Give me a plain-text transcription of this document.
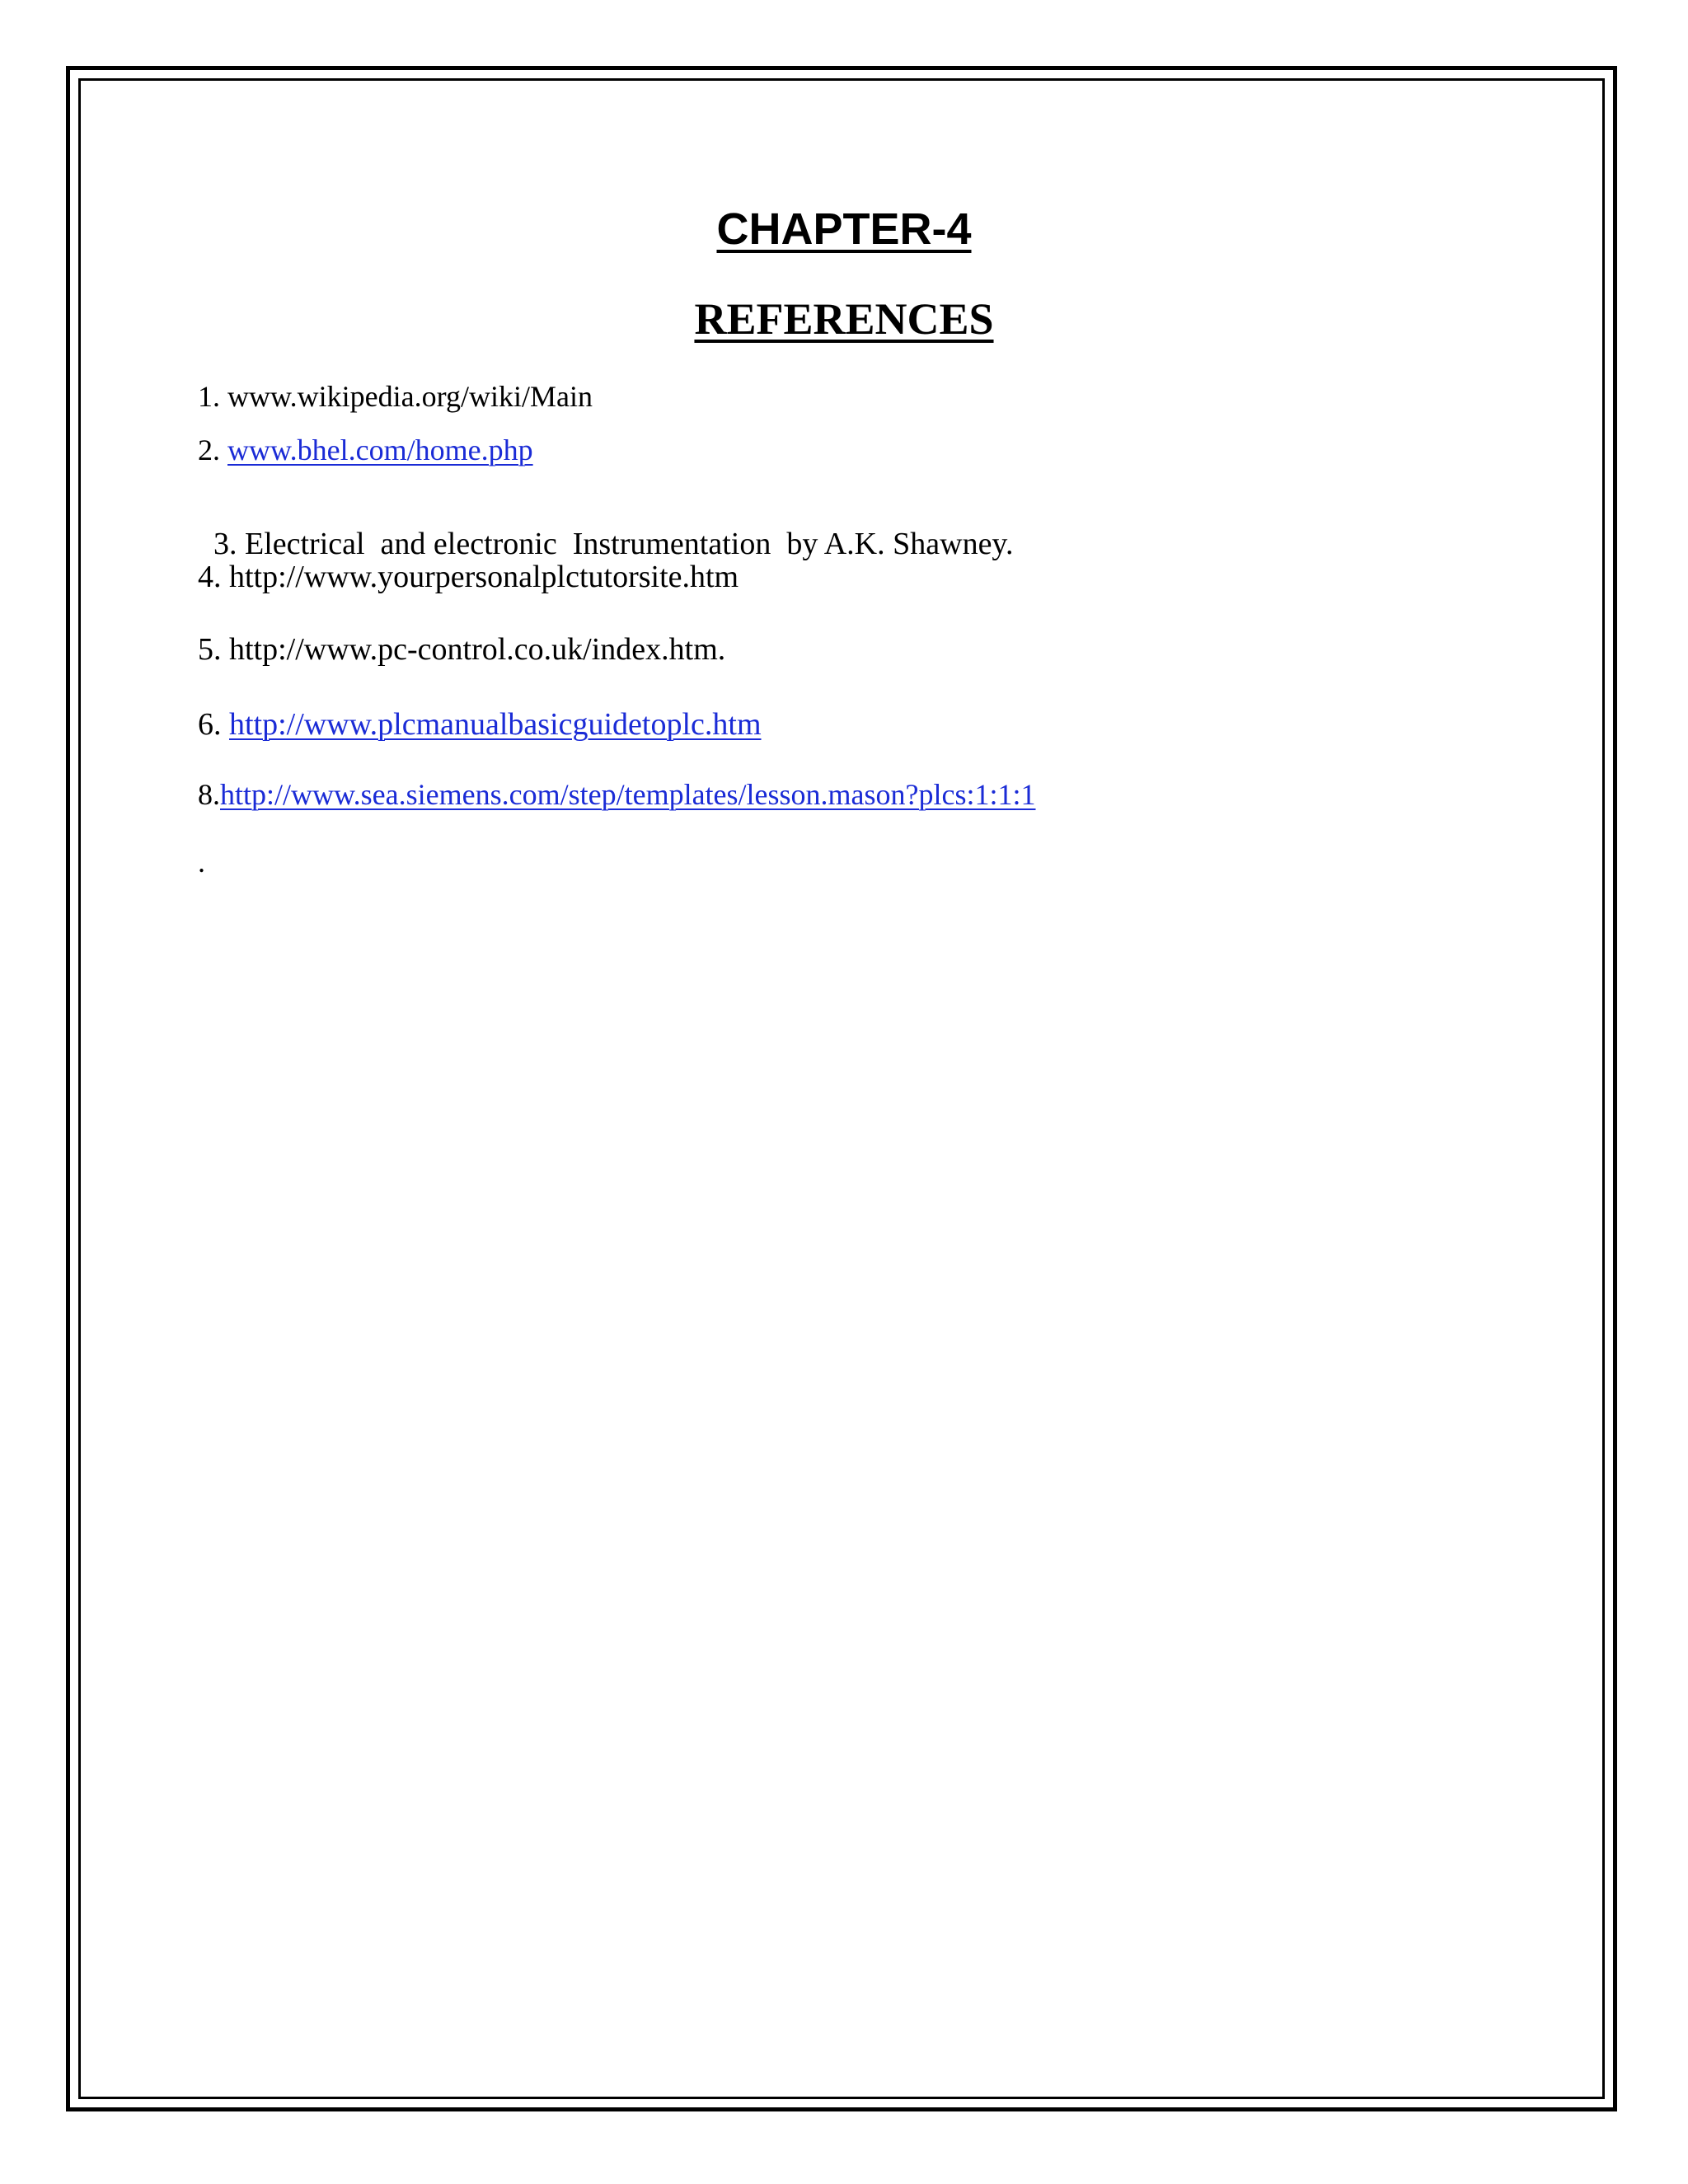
CHAPTER-4
REFERENCES

1. www.wikipedia.org/wiki/Main

2. www.bhel.com/home.php

3. Electrical  and electronic  Instrumentation  by A.K. Shawney.

4. http://www.yourpersonalplctutorsite.htm

5. http://www.pc-control.co.uk/index.htm.

6. http://www.plcmanualbasicguidetoplc.htm

8.http://www.sea.siemens.com/step/templates/lesson.mason?plcs:1:1:1

.
